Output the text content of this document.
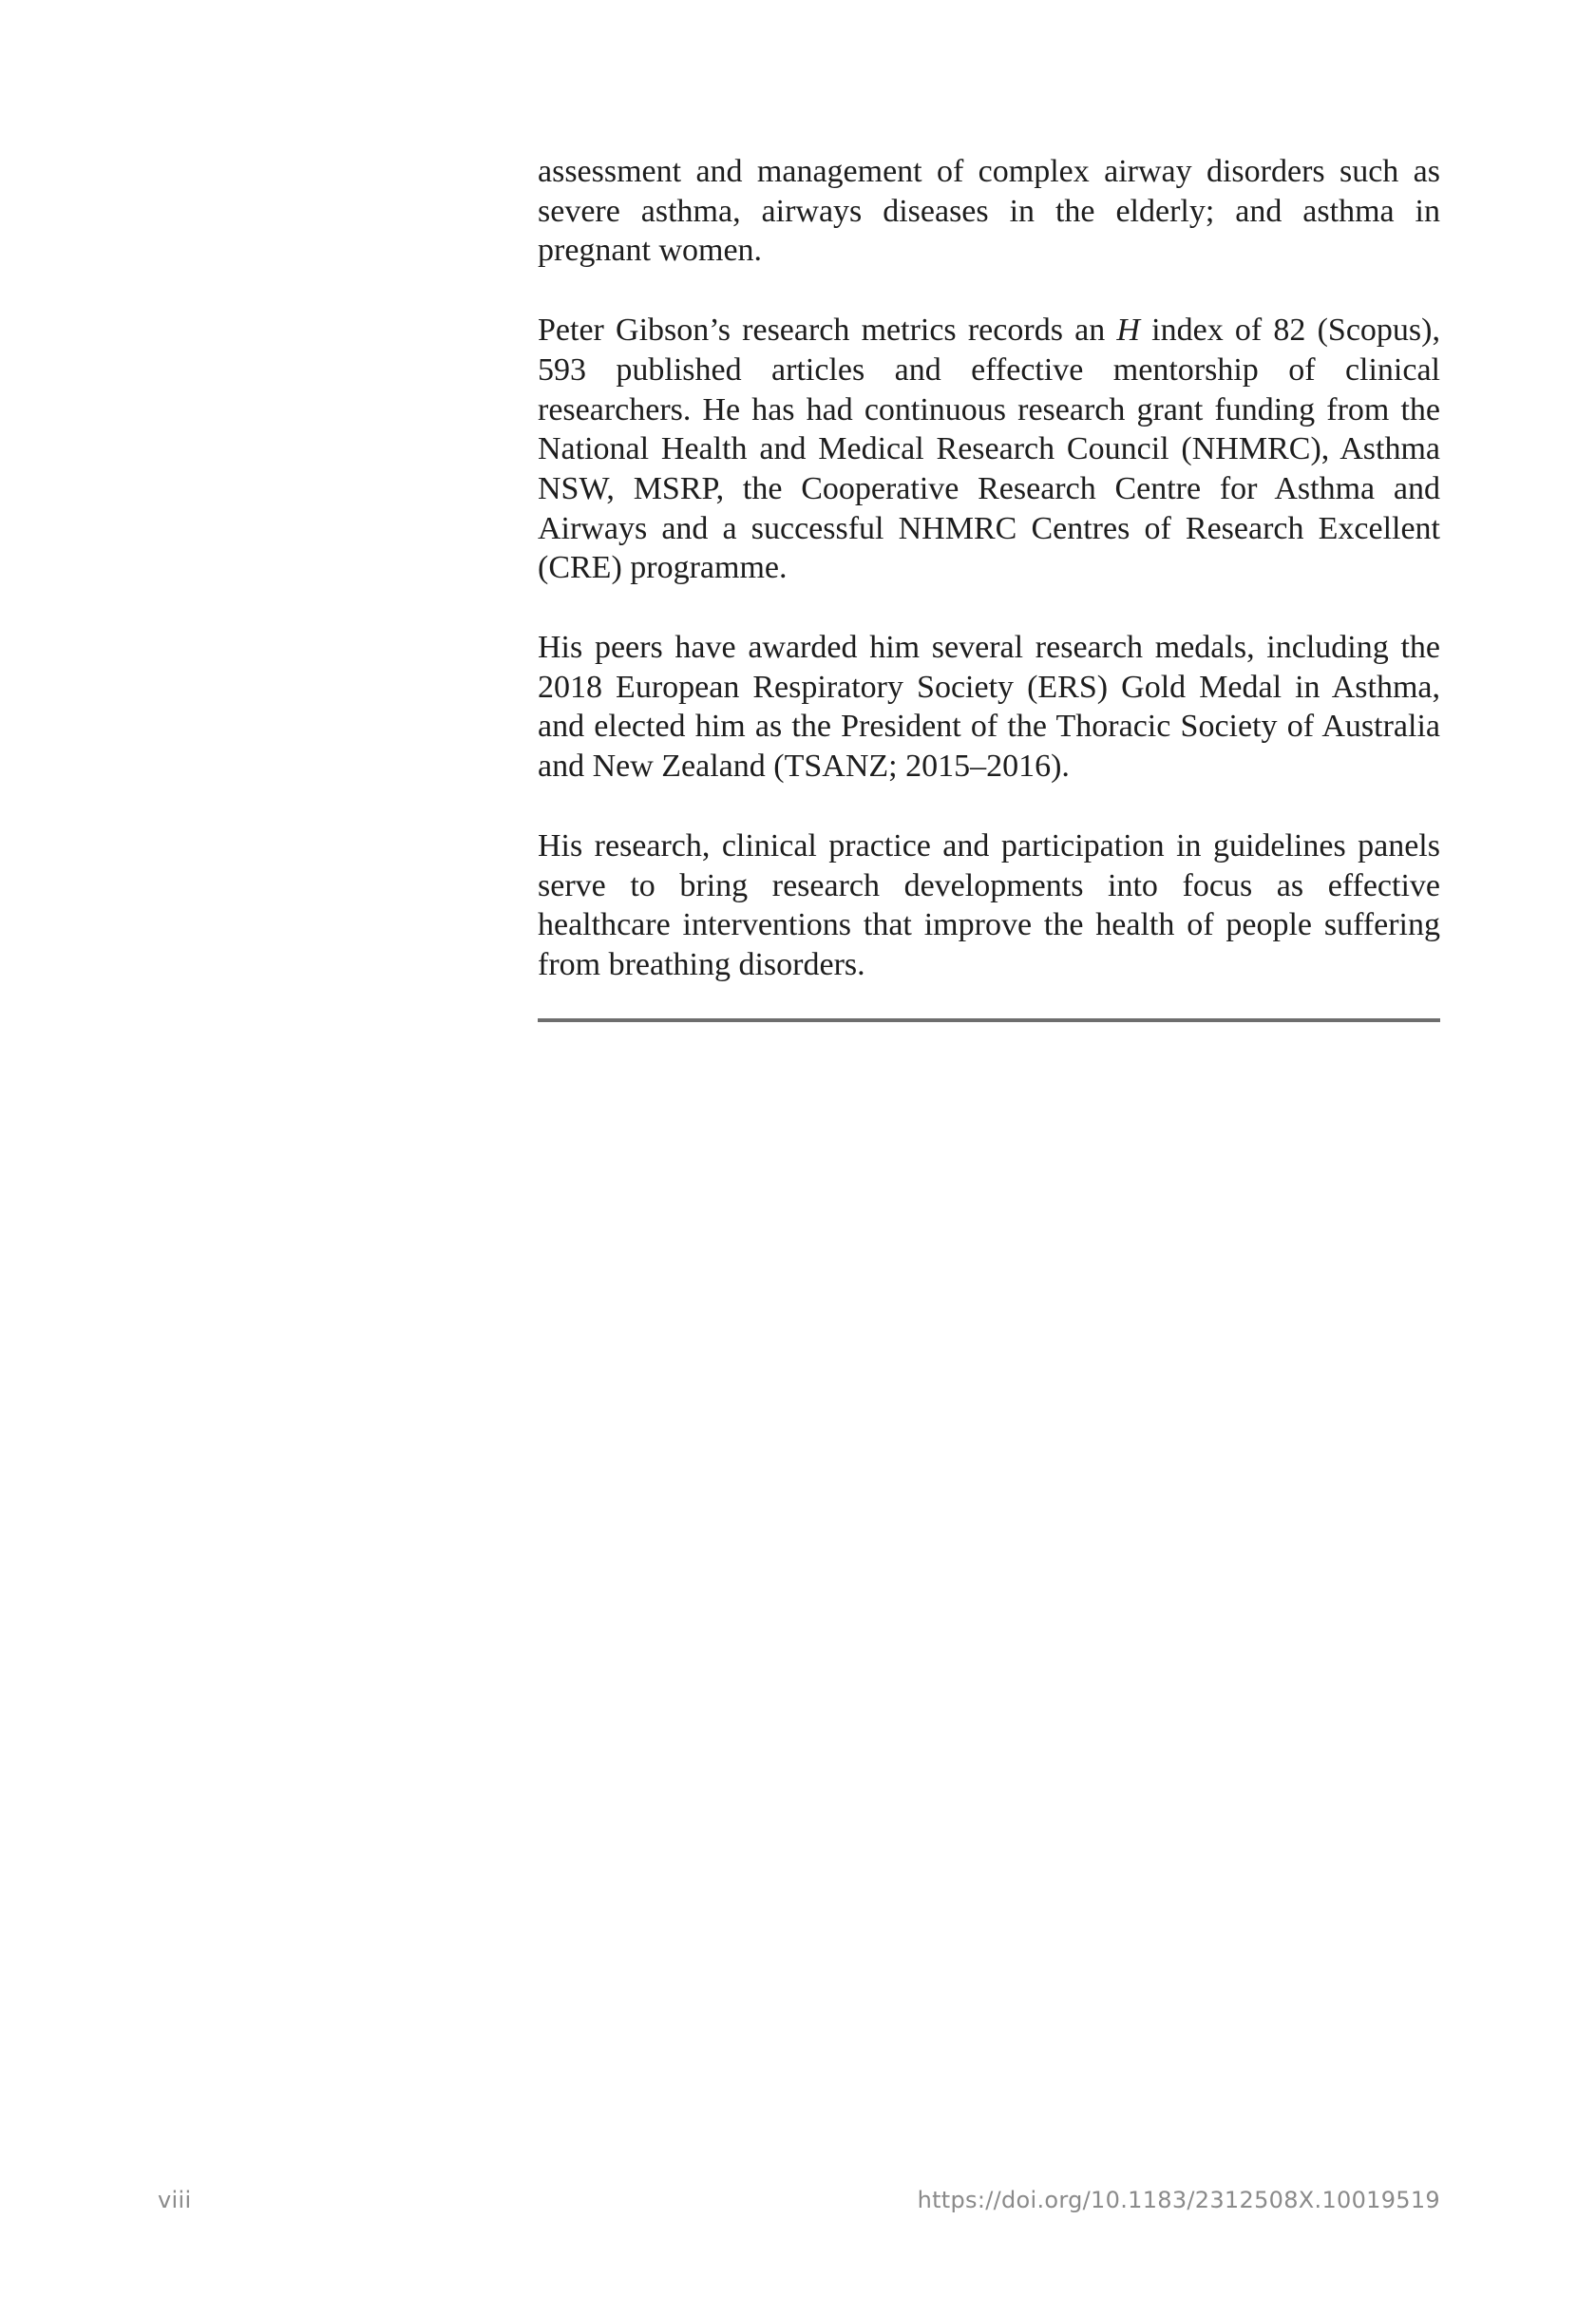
assessment and management of complex airway disorders such as severe asthma, airways diseases in the elderly; and asthma in pregnant women.

Peter Gibson’s research metrics records an H index of 82 (Scopus), 593 published articles and effective mentorship of clinical researchers. He has had continuous research grant funding from the National Health and Medical Research Council (NHMRC), Asthma NSW, MSRP, the Cooperative Research Centre for Asthma and Airways and a successful NHMRC Centres of Research Excellent (CRE) programme.

His peers have awarded him several research medals, including the 2018 European Respiratory Society (ERS) Gold Medal in Asthma, and elected him as the President of the Thoracic Society of Australia and New Zealand (TSANZ; 2015–2016).

His research, clinical practice and participation in guidelines panels serve to bring research developments into focus as effective healthcare interventions that improve the health of people suffering from breathing disorders.

viii	https://doi.org/10.1183/2312508X.10019519
